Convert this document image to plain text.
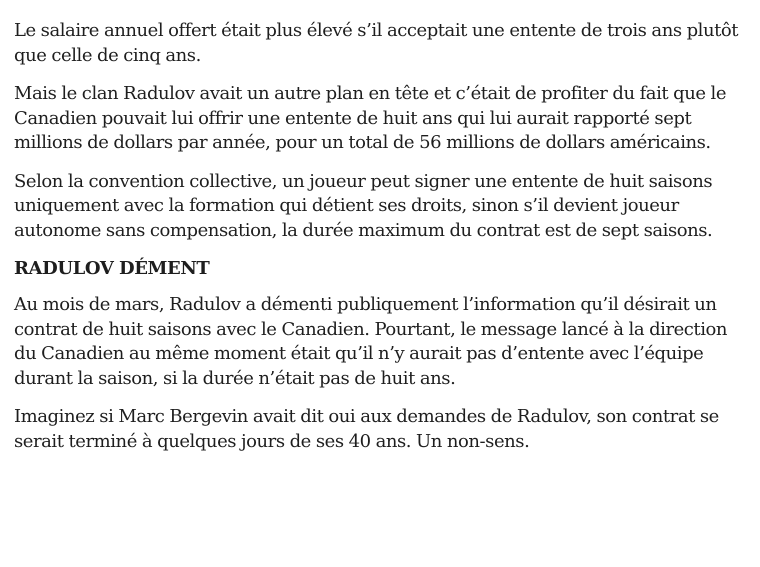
Le salaire annuel offert était plus élevé s’il acceptait une entente de trois ans plutôt que celle de cinq ans.

Mais le clan Radulov avait un autre plan en tête et c’était de profiter du fait que le Canadien pouvait lui offrir une entente de huit ans qui lui aurait rapporté sept millions de dollars par année, pour un total de 56 millions de dollars américains.

Selon la convention collective, un joueur peut signer une entente de huit saisons uniquement avec la formation qui détient ses droits, sinon s’il devient joueur autonome sans compensation, la durée maximum du contrat est de sept saisons.

RADULOV DÉMENT

Au mois de mars, Radulov a démenti publiquement l’information qu’il désirait un contrat de huit saisons avec le Canadien. Pourtant, le message lancé à la direction du Canadien au même moment était qu’il n’y aurait pas d’entente avec l’équipe durant la saison, si la durée n’était pas de huit ans.

Imaginez si Marc Bergevin avait dit oui aux demandes de Radulov, son contrat se serait terminé à quelques jours de ses 40 ans. Un non-sens.
